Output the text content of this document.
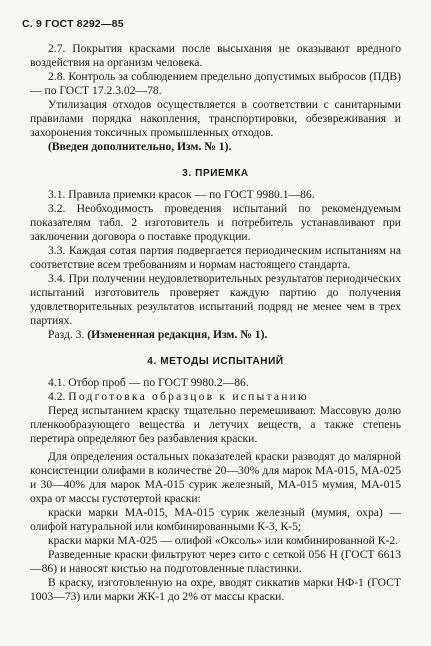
С. 9 ГОСТ 8292—85

2.7. Покрытия красками после высыхания не оказывают вредного воздействия на организм человека.

2.8. Контроль за соблюдением предельно допустимых выбросов (ПДВ) — по ГОСТ 17.2.3.02—78.

Утилизация отходов осуществляется в соответствии с санитарными правилами порядка накопления, транспортировки, обезвреживания и захоронения токсичных промышленных отходов.

(Введен дополнительно, Изм. № 1).

3. ПРИЕМКА

3.1. Правила приемки красок — по ГОСТ 9980.1—86.

3.2. Необходимость проведения испытаний по рекомендуемым показателям табл. 2 изготовитель и потребитель устанавливают при заключении договора о поставке продукции.

3.3. Каждая сотая партия подвергается периодическим испытаниям на соответствие всем требованиям и нормам настоящего стандарта.

3.4. При получении неудовлетворительных результатов периодических испытаний изготовитель проверяет каждую партию до получения удовлетворительных результатов испытаний подряд не менее чем в трех партиях.

Разд. 3. (Измененная редакция, Изм. № 1).

4. МЕТОДЫ ИСПЫТАНИЙ

4.1. Отбор проб — по ГОСТ 9980.2—86.

4.2. Подготовка образцов к испытанию

Перед испытанием краску тщательно перемешивают. Массовую долю пленкообразующего вещества и летучих веществ, а также степень перетира определяют без разбавления краски.

Для определения остальных показателей краски разводят до малярной консистенции олифами в количестве 20—30% для марок МА-015, МА-025 и 30—40% для марок МА-015 сурик железный, МА-015 мумия, МА-015 охра от массы густотертой краски:

краски марки МА-015, МА-015 сурик железный (мумия, охра) — олифой натуральной или комбинированными К-3, К-5;

краски марки МА-025 — олифой «Оксоль» или комбинированной К-2.

Разведенные краски фильтруют через сито с сеткой 056 Н (ГОСТ 6613—86) и наносят кистью на подготовленные пластинки.

В краску, изготовленную на охре, вводят сиккатив марки НФ-1 (ГОСТ 1003—73) или марки ЖК-1 до 2% от массы краски.
